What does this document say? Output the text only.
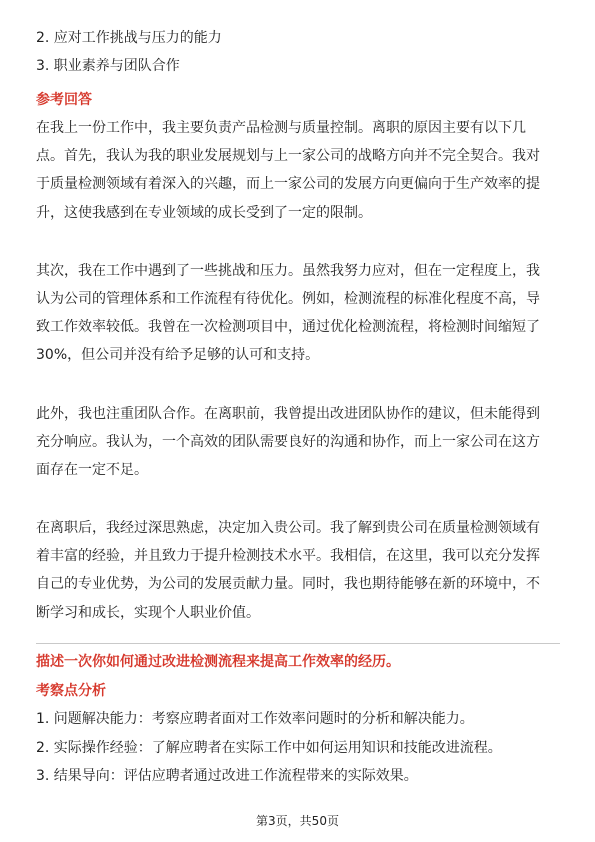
2. 应对工作挑战与压力的能力
3. 职业素养与团队合作
参考回答
在我上一份工作中，我主要负责产品检测与质量控制。离职的原因主要有以下几
点。首先，我认为我的职业发展规划与上一家公司的战略方向并不完全契合。我对
于质量检测领域有着深入的兴趣，而上一家公司的发展方向更偏向于生产效率的提
升，这使我感到在专业领域的成长受到了一定的限制。
其次，我在工作中遇到了一些挑战和压力。虽然我努力应对，但在一定程度上，我
认为公司的管理体系和工作流程有待优化。例如，检测流程的标准化程度不高，导
致工作效率较低。我曾在一次检测项目中，通过优化检测流程，将检测时间缩短了
30%，但公司并没有给予足够的认可和支持。
此外，我也注重团队合作。在离职前，我曾提出改进团队协作的建议，但未能得到
充分响应。我认为，一个高效的团队需要良好的沟通和协作，而上一家公司在这方
面存在一定不足。
在离职后，我经过深思熟虑，决定加入贵公司。我了解到贵公司在质量检测领域有
着丰富的经验，并且致力于提升检测技术水平。我相信，在这里，我可以充分发挥
自己的专业优势，为公司的发展贡献力量。同时，我也期待能够在新的环境中，不
断学习和成长，实现个人职业价值。
描述一次你如何通过改进检测流程来提高工作效率的经历。
考察点分析
1. 问题解决能力：考察应聘者面对工作效率问题时的分析和解决能力。
2. 实际操作经验：了解应聘者在实际工作中如何运用知识和技能改进流程。
3. 结果导向：评估应聘者通过改进工作流程带来的实际效果。
第3页，共50页
